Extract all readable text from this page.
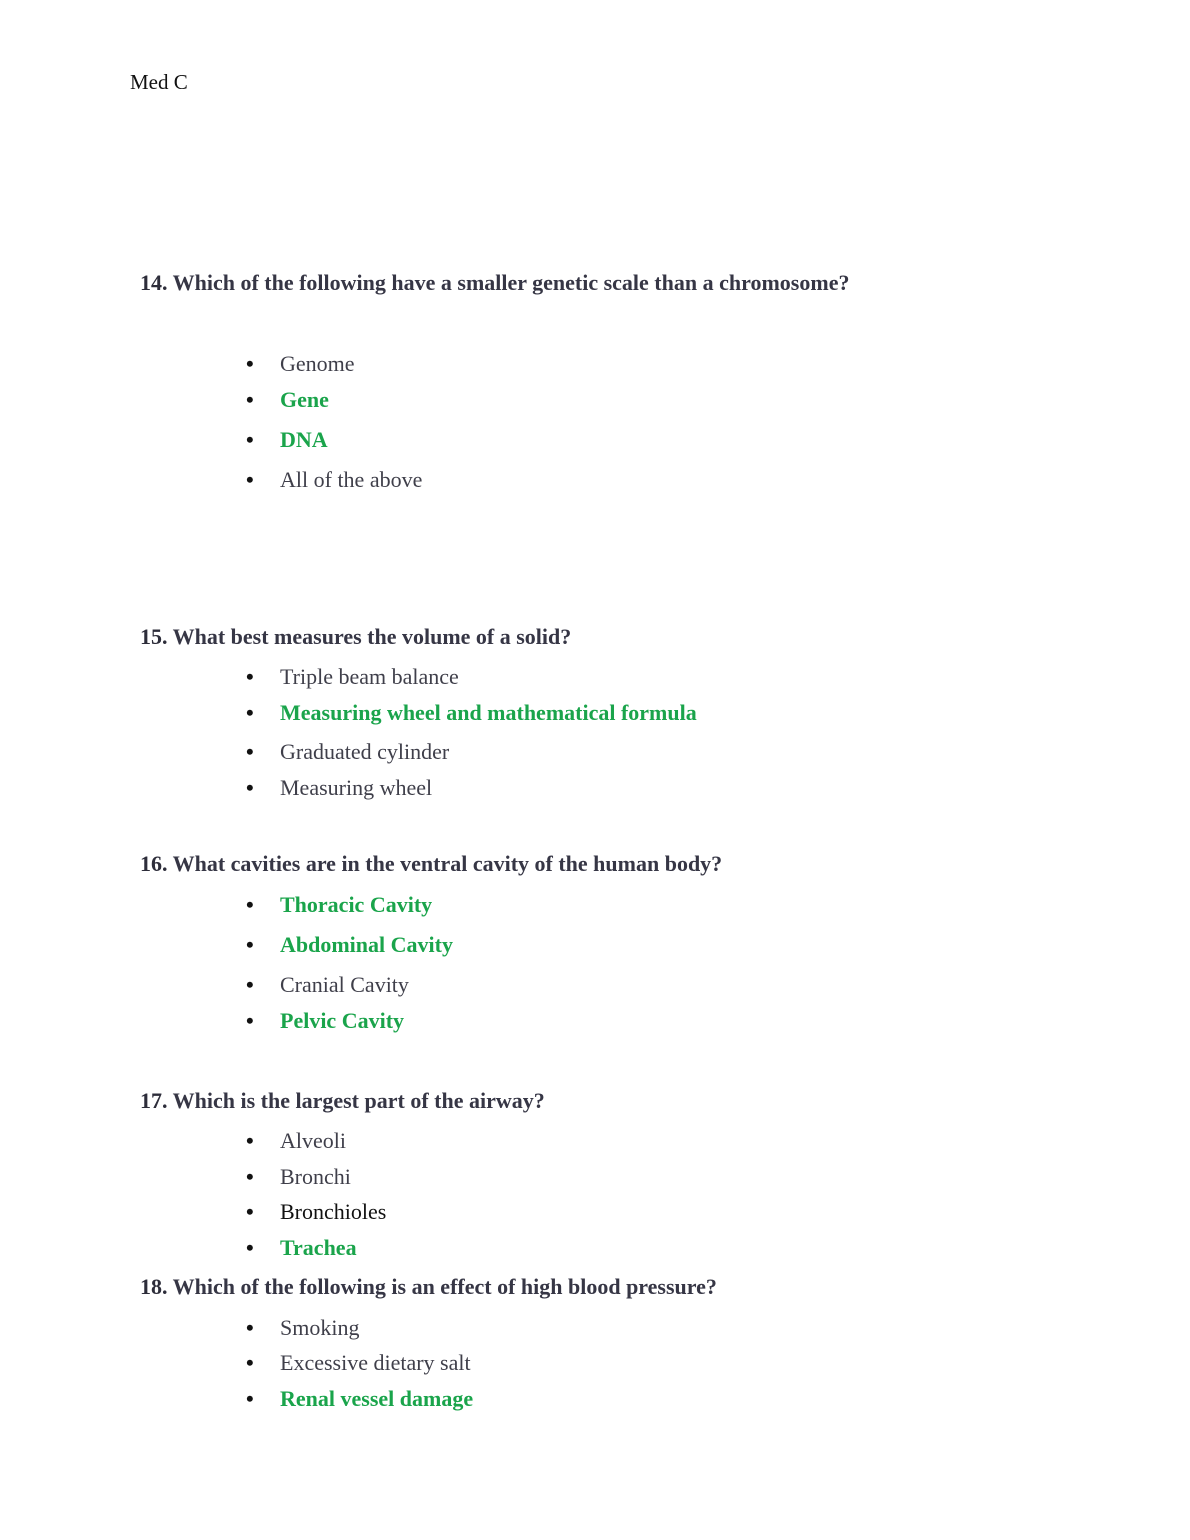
Med C
14. Which of the following have a smaller genetic scale than a chromosome?
• Genome
• Gene
• DNA
• All of the above
15. What best measures the volume of a solid?
• Triple beam balance
• Measuring wheel and mathematical formula
• Graduated cylinder
• Measuring wheel
16. What cavities are in the ventral cavity of the human body?
• Thoracic Cavity
• Abdominal Cavity
• Cranial Cavity
• Pelvic Cavity
17. Which is the largest part of the airway?
• Alveoli
• Bronchi
• Bronchioles
• Trachea
18. Which of the following is an effect of high blood pressure?
• Smoking
• Excessive dietary salt
• Renal vessel damage
